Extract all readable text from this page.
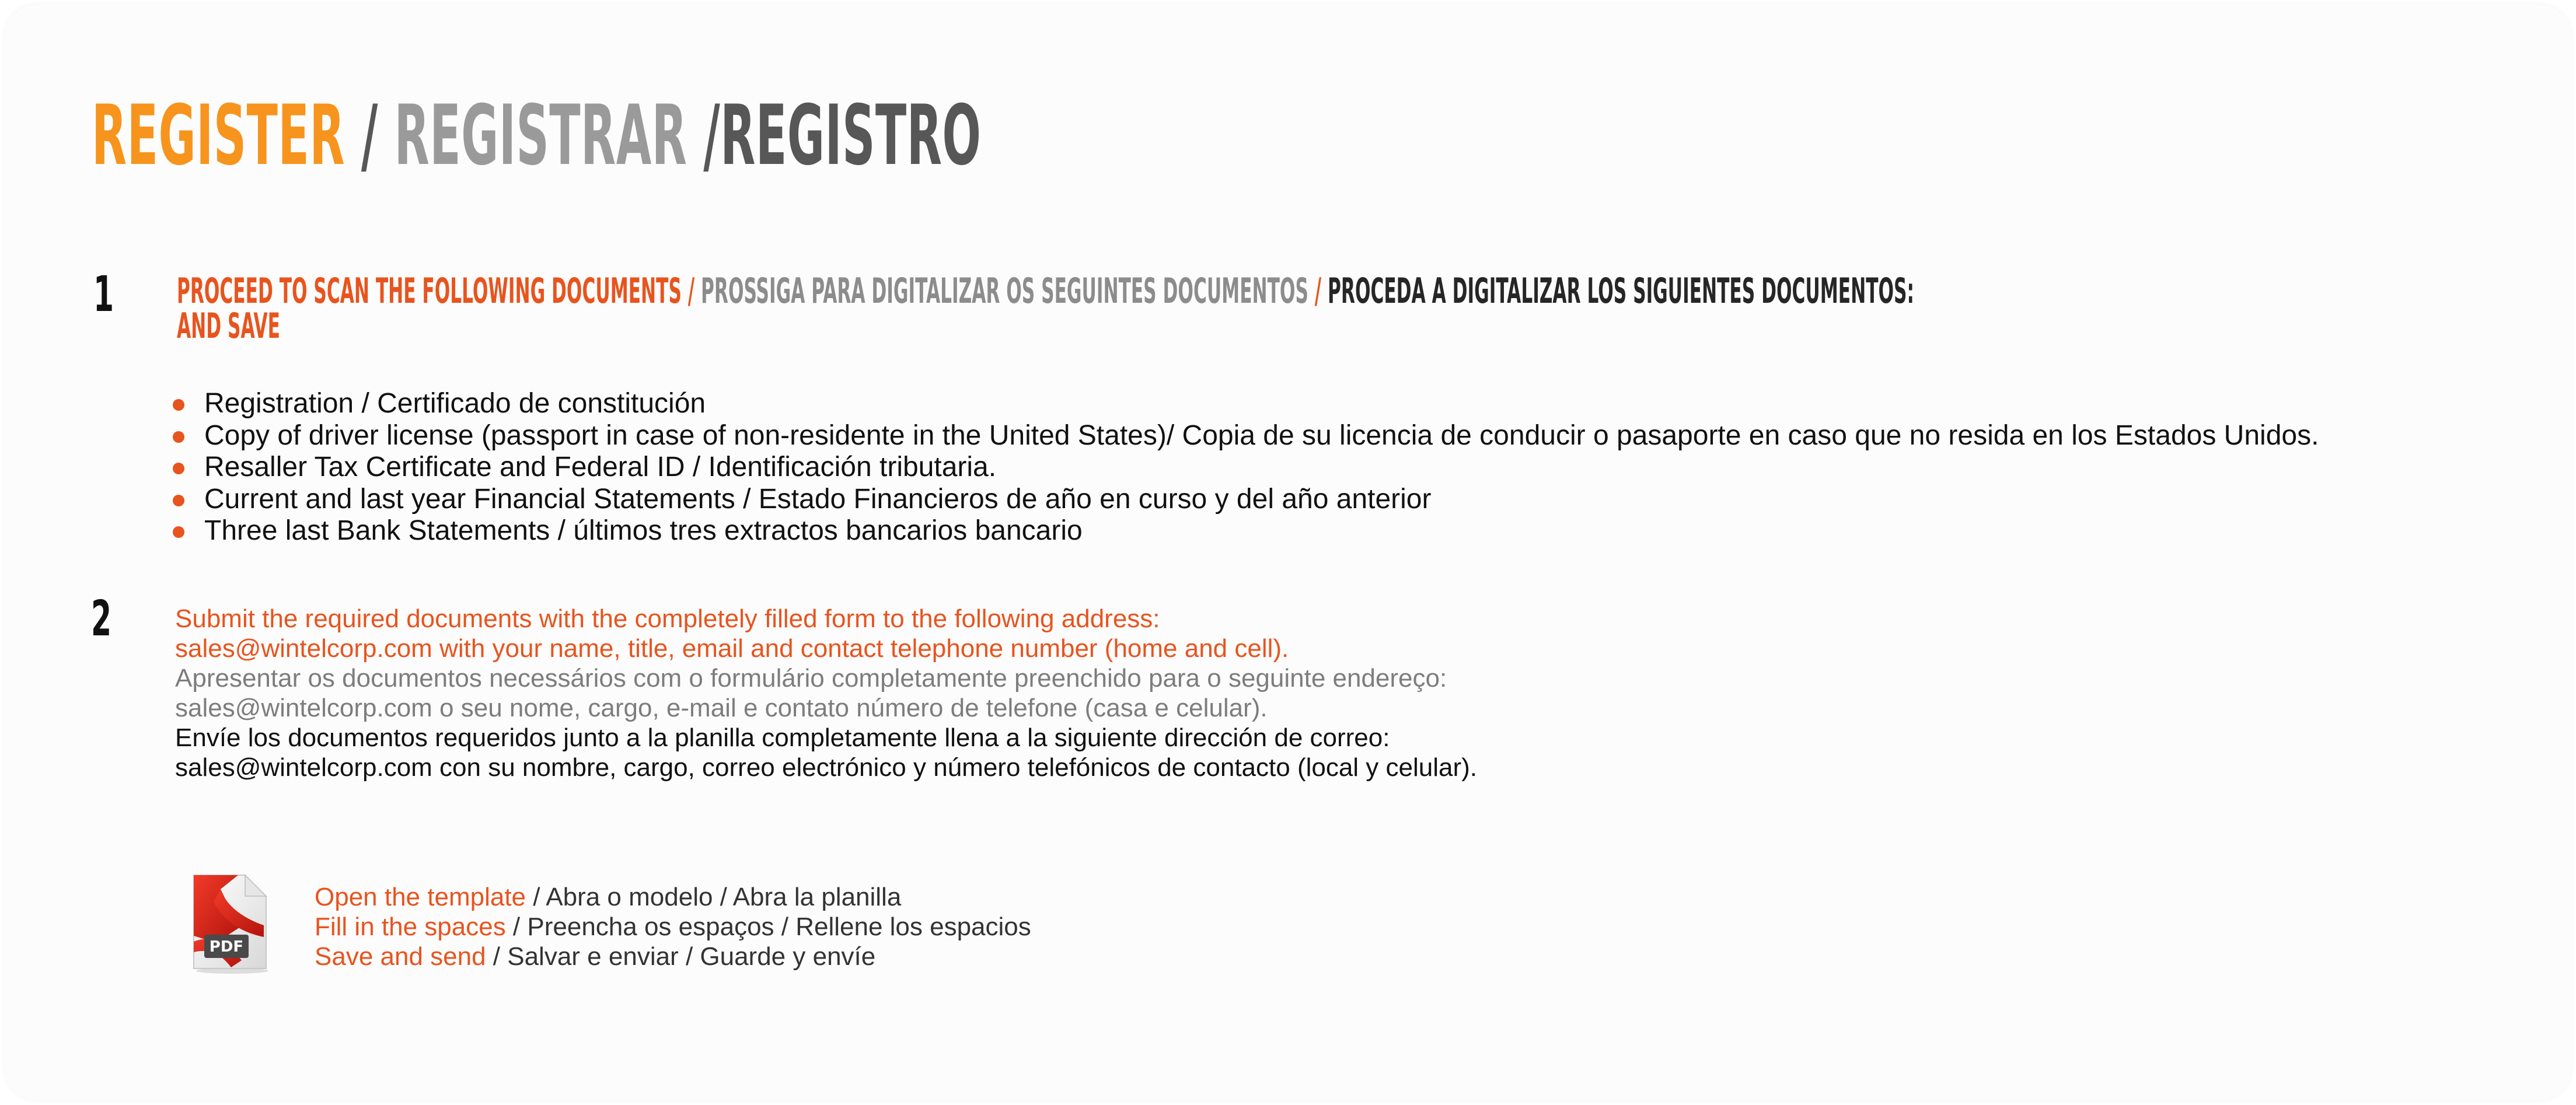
REGISTER / REGISTRAR /REGISTRO
1 PROCEED TO SCAN THE FOLLOWING DOCUMENTS / PROSSIGA PARA DIGITALIZAR OS SEGUINTES DOCUMENTOS / PROCEDA A DIGITALIZAR LOS SIGUIENTES DOCUMENTOS:
AND SAVE
Registration / Certificado de constitución
Copy of driver license (passport in case of non-residente in the United States)/ Copia de su licencia de conducir o pasaporte en caso que no resida en los Estados Unidos.
Resaller Tax Certificate and Federal ID / Identificación tributaria.
Current and last year Financial Statements / Estado Financieros de año en curso y del año anterior
Three last Bank Statements / últimos tres extractos bancarios bancario
2 Submit the required documents with the completely filled form to the following address:
sales@wintelcorp.com with your name, title, email and contact telephone number (home and cell).
Apresentar os documentos necessários com o formulário completamente preenchido para o seguinte endereço:
sales@wintelcorp.com o seu nome, cargo, e-mail e contato número de telefone (casa e celular).
Envíe los documentos requeridos junto a la planilla completamente llena a la siguiente dirección de correo:
sales@wintelcorp.com con su nombre, cargo, correo electrónico y número telefónicos de contacto (local y celular).
PDF
Open the template / Abra o modelo / Abra la planilla
Fill in the spaces / Preencha os espaços / Rellene los espacios
Save and send / Salvar e enviar / Guarde y envíe
